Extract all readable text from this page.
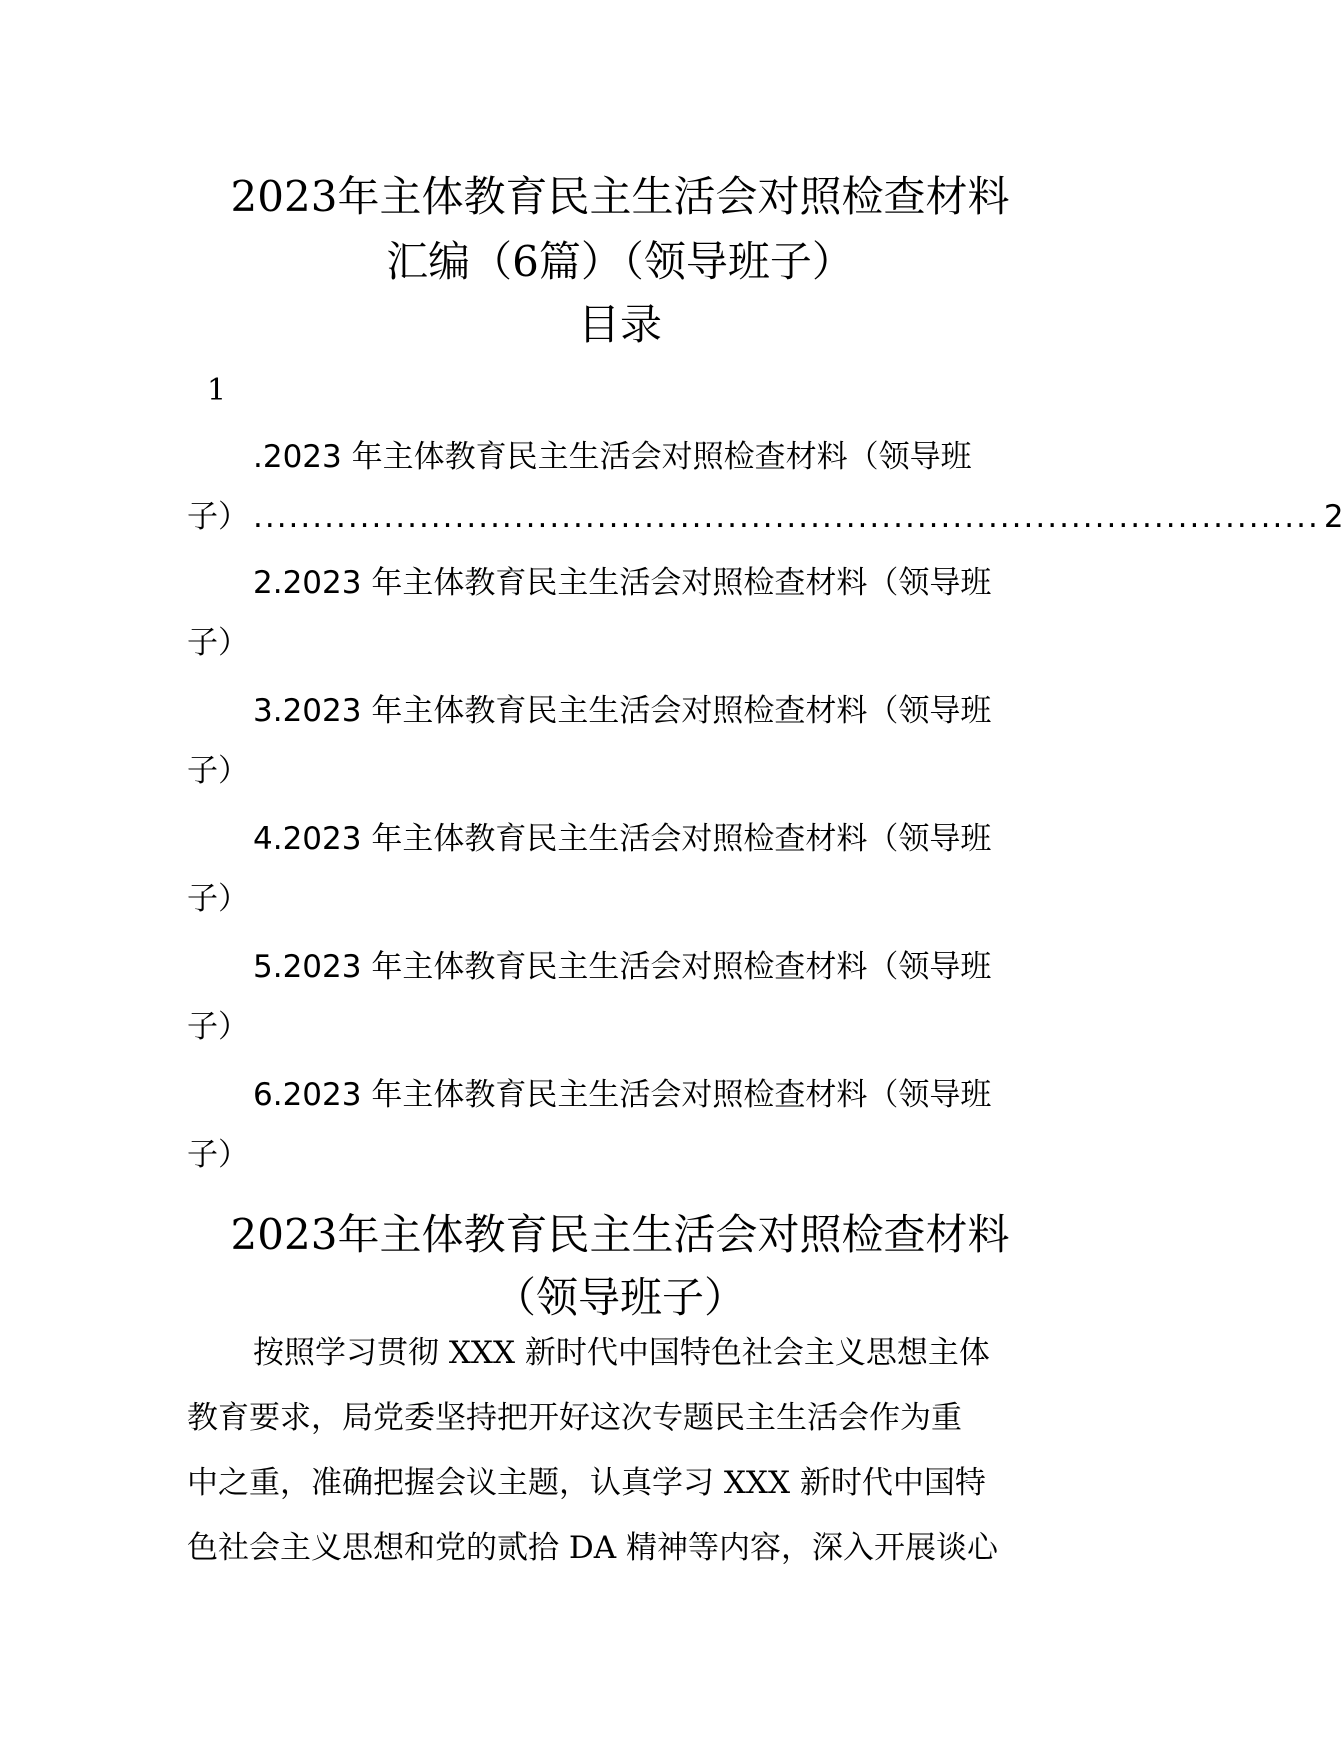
2023年主体教育民主生活会对照检查材料
汇编（6篇）（领导班子）
目录
1
.2023 年主体教育民主生活会对照检查材料（领导班
子） .......................................................................................... 2
2.2023 年主体教育民主生活会对照检查材料（领导班
子）
3.2023 年主体教育民主生活会对照检查材料（领导班
子）
4.2023 年主体教育民主生活会对照检查材料（领导班
子）
5.2023 年主体教育民主生活会对照检查材料（领导班
子）
6.2023 年主体教育民主生活会对照检查材料（领导班
子）
2023年主体教育民主生活会对照检查材料
（领导班子）
按照学习贯彻 XXX 新时代中国特色社会主义思想主体
教育要求，局党委坚持把开好这次专题民主生活会作为重
中之重，准确把握会议主题，认真学习 XXX 新时代中国特
色社会主义思想和党的贰拾 DA 精神等内容，深入开展谈心
